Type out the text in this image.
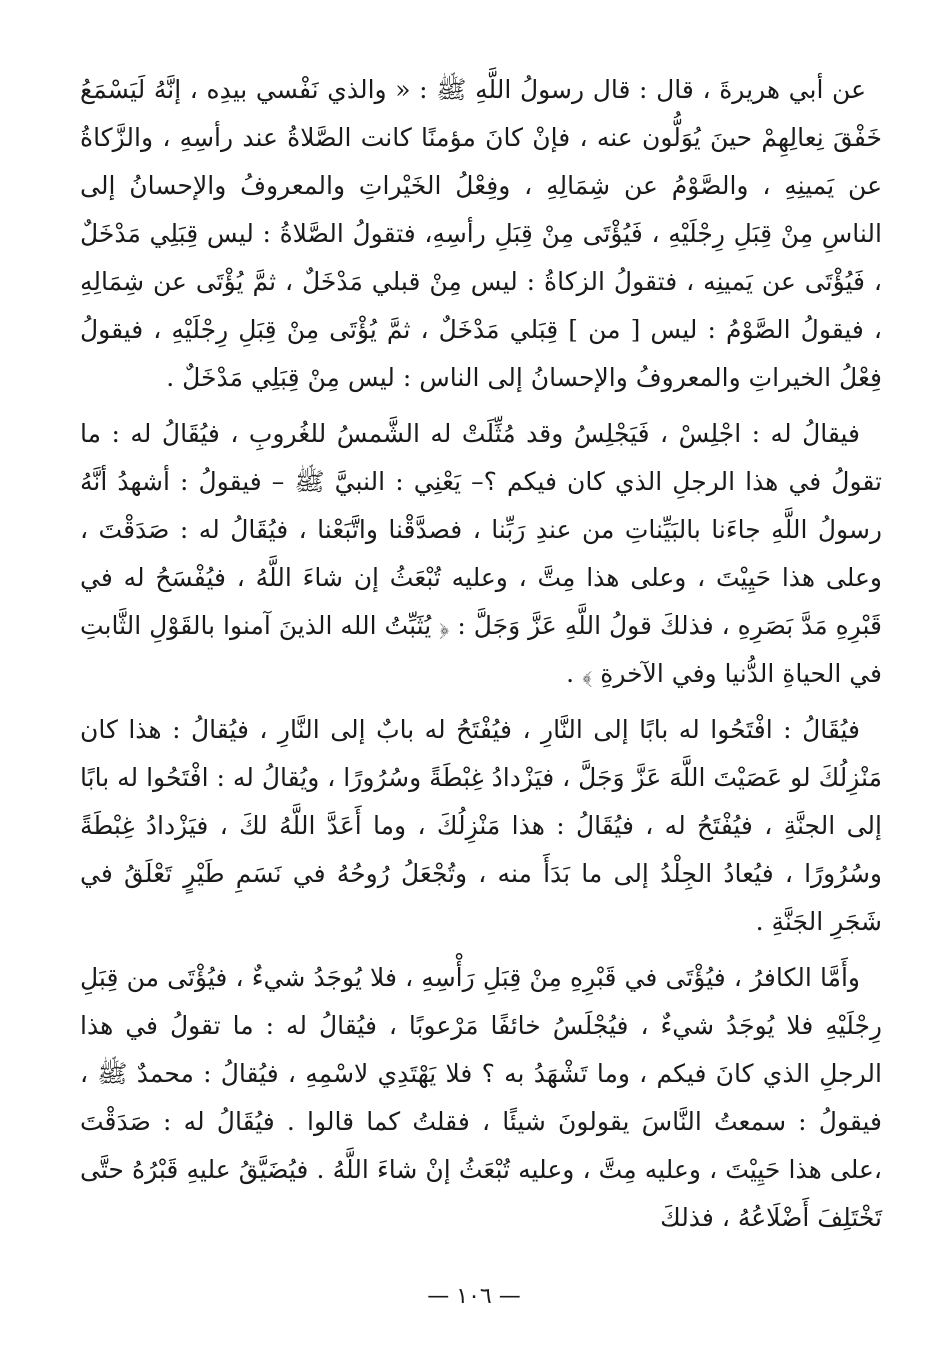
عن أبي هريرةَ ، قال : قال رسولُ اللَّهِ ﷺ : « والذي نَفْسي بيدِه ، إنَّهُ لَيَسْمَعُ خَفْقَ نِعالِهِمْ حينَ يُوَلُّون عنه ، فإنْ كانَ مؤمنًا كانت الصَّلاةُ عند رأسِهِ ، والزَّكاةُ عن يَمينِهِ ، والصَّوْمُ عن شِمَالِهِ ، وفِعْلُ الخَيْراتِ والمعروفُ والإحسانُ إلى الناسِ مِنْ قِبَلِ رِجْلَيْهِ ، فَيُؤْتَى مِنْ قِبَلِ رأسِهِ، فتقولُ الصَّلاةُ : ليس قِبَلِي مَدْخَلٌ ، فَيُؤْتَى عن يَمينِه ، فتقولُ الزكاةُ : ليس مِنْ قبلي مَدْخَلٌ ، ثمَّ يُؤْتَى عن شِمَالِهِ ، فيقولُ الصَّوْمُ : ليس [ من ] قِبَلي مَدْخَلٌ ، ثمَّ يُؤْتَى مِنْ قِبَلِ رِجْلَيْهِ ، فيقولُ فِعْلُ الخيراتِ والمعروفُ والإحسانُ إلى الناس : ليس مِنْ قِبَلِي مَدْخَلٌ .

فيقالُ له : اجْلِسْ ، فَيَجْلِسُ وقد مُثِّلَتْ له الشَّمسُ للغُروبِ ، فيُقَالُ له : ما تقولُ في هذا الرجلِ الذي كان فيكم ؟– يَعْنِي : النبيَّ ﷺ – فيقولُ : أشهدُ أنَّهُ رسولُ اللَّهِ جاءَنا بالبَيِّناتِ من عندِ رَبِّنا ، فصدَّقْنا واتَّبَعْنا ، فيُقَالُ له : صَدَقْتَ ، وعلى هذا حَيِيْتَ ، وعلى هذا مِتَّ ، وعليه تُبْعَثُ إن شاءَ اللَّهُ ، فيُفْسَحُ له في قَبْرِهِ مَدَّ بَصَرِهِ ، فذلكَ قولُ اللَّهِ عَزَّ وَجَلَّ : ﴿ يُثَبِّتُ الله الذينَ آمنوا بالقَوْلِ الثَّابتِ في الحياةِ الدُّنيا وفي الآخرةِ ﴾ .

فيُقَالُ : افْتَحُوا له بابًا إلى النَّارِ ، فيُفْتَحُ له بابٌ إلى النَّارِ ، فيُقالُ : هذا كان مَنْزِلُكَ لو عَصَيْتَ اللَّهَ عَزَّ وَجَلَّ ، فيَزْدادُ غِبْطَةً وسُرُورًا ، ويُقالُ له : افْتَحُوا له بابًا إلى الجنَّةِ ، فيُفْتَحُ له ، فيُقَالُ : هذا مَنْزِلُكَ ، وما أَعَدَّ اللَّهُ لكَ ، فيَزْدادُ غِبْطَةً وسُرُورًا ، فيُعادُ الجِلْدُ إلى ما بَدَأَ منه ، وتُجْعَلُ رُوحُهُ في نَسَمِ طَيْرٍ تَعْلَقُ في شَجَرِ الجَنَّةِ .

وأَمَّا الكافرُ ، فيُؤْتَى في قَبْرِهِ مِنْ قِبَلِ رَأْسِهِ ، فلا يُوجَدُ شيءٌ ، فيُؤْتَى من قِبَلِ رِجْلَيْهِ فلا يُوجَدُ شيءٌ ، فيُجْلَسُ خائفًا مَرْعوبًا ، فيُقالُ له : ما تقولُ في هذا الرجلِ الذي كانَ فيكم ، وما تَشْهَدُ به ؟ فلا يَهْتَدِي لاسْمِهِ ، فيُقالُ : محمدٌ ﷺ ، فيقولُ : سمعتُ النَّاسَ يقولونَ شيئًا ، فقلتُ كما قالوا . فيُقَالُ له : صَدَقْتَ ،على هذا حَيِيْتَ ، وعليه مِتَّ ، وعليه تُبْعَثُ إنْ شاءَ اللَّهُ . فيُضَيَّقُ عليهِ قَبْرُهُ حتَّى تَخْتَلِفَ أَضْلَاعُهُ ، فذلكَ

— ١٠٦ —
